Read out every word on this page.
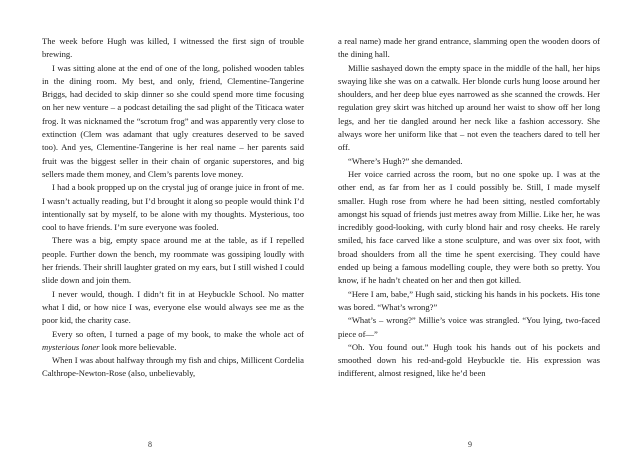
The week before Hugh was killed, I witnessed the first sign of trouble brewing.

I was sitting alone at the end of one of the long, polished wooden tables in the dining room. My best, and only, friend, Clementine-Tangerine Briggs, had decided to skip dinner so she could spend more time focusing on her new venture – a podcast detailing the sad plight of the Titicaca water frog. It was nicknamed the “scrotum frog” and was apparently very close to extinction (Clem was adamant that ugly creatures deserved to be saved too). And yes, Clementine-Tangerine is her real name – her parents said fruit was the biggest seller in their chain of organic superstores, and big sellers made them money, and Clem’s parents love money.

I had a book propped up on the crystal jug of orange juice in front of me. I wasn’t actually reading, but I’d brought it along so people would think I’d intentionally sat by myself, to be alone with my thoughts. Mysterious, too cool to have friends. I’m sure everyone was fooled.

There was a big, empty space around me at the table, as if I repelled people. Further down the bench, my roommate was gossiping loudly with her friends. Their shrill laughter grated on my ears, but I still wished I could slide down and join them.

I never would, though. I didn’t fit in at Heybuckle School. No matter what I did, or how nice I was, everyone else would always see me as the poor kid, the charity case.

Every so often, I turned a page of my book, to make the whole act of mysterious loner look more believable.

When I was about halfway through my fish and chips, Millicent Cordelia Calthrope-Newton-Rose (also, unbelievably,

8

a real name) made her grand entrance, slamming open the wooden doors of the dining hall.

Millie sashayed down the empty space in the middle of the hall, her hips swaying like she was on a catwalk. Her blonde curls hung loose around her shoulders, and her deep blue eyes narrowed as she scanned the crowds. Her regulation grey skirt was hitched up around her waist to show off her long legs, and her tie dangled around her neck like a fashion accessory. She always wore her uniform like that – not even the teachers dared to tell her off.

“Where’s Hugh?” she demanded.

Her voice carried across the room, but no one spoke up. I was at the other end, as far from her as I could possibly be. Still, I made myself smaller. Hugh rose from where he had been sitting, nestled comfortably amongst his squad of friends just metres away from Millie. Like her, he was incredibly good-looking, with curly blond hair and rosy cheeks. He rarely smiled, his face carved like a stone sculpture, and was over six foot, with broad shoulders from all the time he spent exercising. They could have ended up being a famous modelling couple, they were both so pretty. You know, if he hadn’t cheated on her and then got killed.

“Here I am, babe,” Hugh said, sticking his hands in his pockets. His tone was bored. “What’s wrong?”

“What’s – wrong?” Millie’s voice was strangled. “You lying, two-faced piece of—”

“Oh. You found out.” Hugh took his hands out of his pockets and smoothed down his red-and-gold Heybuckle tie. His expression was indifferent, almost resigned, like he’d been

9
